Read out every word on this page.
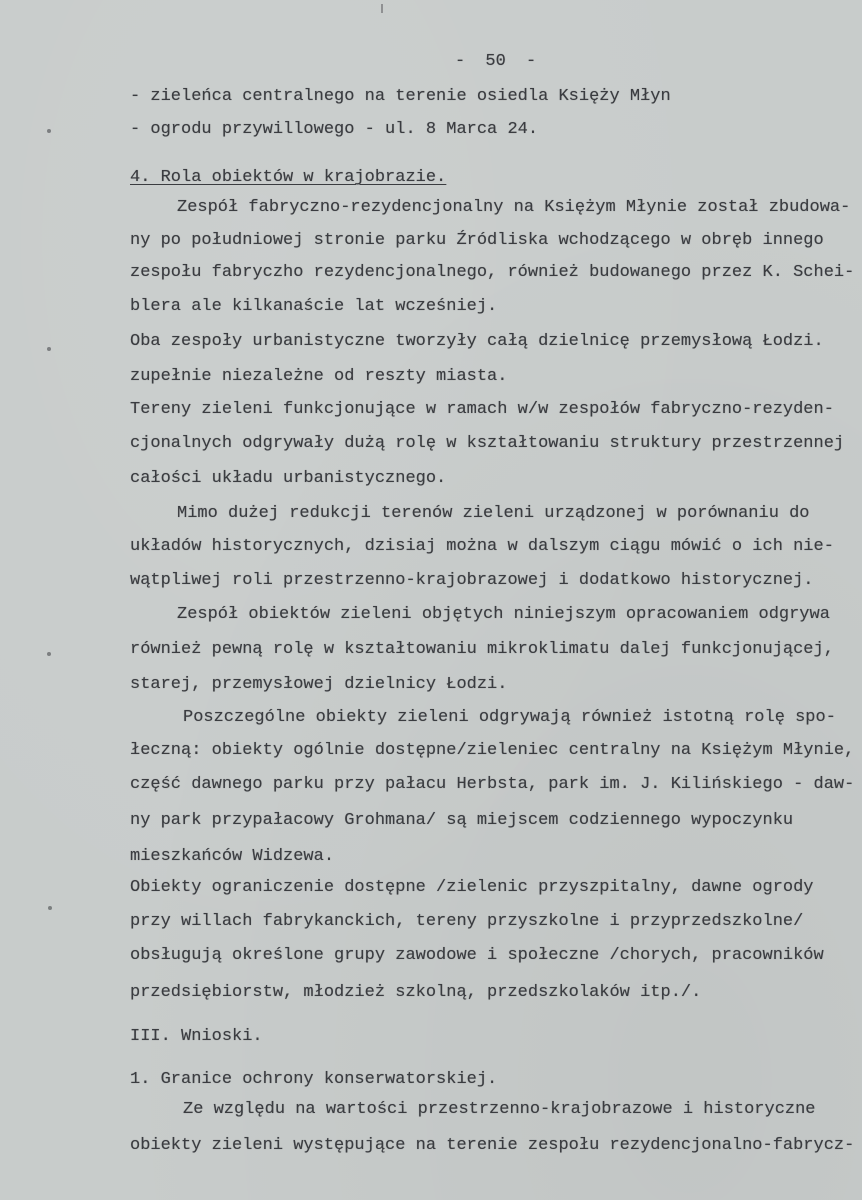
- 50 -
- zieleńca centralnego na terenie osiedla Księży Młyn
- ogrodu przywillowego - ul. 8 Marca 24.
4. Rola obiektów w krajobrazie.
Zespół fabryczno-rezydencjonalny na Księżym Młynie został zbudowa-
ny po południowej stronie parku Źródliska wchodzącego w obręb innego
zespołu fabryczho rezydencjonalnego, również budowanego przez K. Schei-
blera ale kilkanaście lat wcześniej.
Oba zespoły urbanistyczne tworzyły całą dzielnicę przemysłową Łodzi.
zupełnie niezależne od reszty miasta.
Tereny zieleni funkcjonujące w ramach w/w zespołów fabryczno-rezyden-
cjonalnych odgrywały dużą rolę w kształtowaniu struktury przestrzennej
całości układu urbanistycznego.
Mimo dużej redukcji terenów zieleni urządzonej w porównaniu do
układów historycznych, dzisiaj można w dalszym ciągu mówić o ich nie-
wątpliwej roli przestrzenno-krajobrazowej i dodatkowo historycznej.
Zespół obiektów zieleni objętych niniejszym opracowaniem odgrywa
również pewną rolę w kształtowaniu mikroklimatu dalej funkcjonującej,
starej, przemysłowej dzielnicy Łodzi.
Poszczególne obiekty zieleni odgrywają również istotną rolę spo-
łeczną: obiekty ogólnie dostępne/zieleniec centralny na Księżym Młynie,
część dawnego parku przy pałacu Herbsta, park im. J. Kilińskiego - daw-
ny park przypałacowy Grohmana/ są miejscem codziennego wypoczynku
mieszkańców Widzewa.
Obiekty ograniczenie dostępne /zielenic przyszpitalny, dawne ogrody
przy willach fabrykanckich, tereny przyszkolne i przyprzedszkolne/
obsługują określone grupy zawodowe i społeczne /chorych, pracowników
przedsiębiorstw, młodzież szkolną, przedszkolaków itp./.
III. Wnioski.
1. Granice ochrony konserwatorskiej.
Ze względu na wartości przestrzenno-krajobrazowe i historyczne
obiekty zieleni występujące na terenie zespołu rezydencjonalno-fabrycz-
